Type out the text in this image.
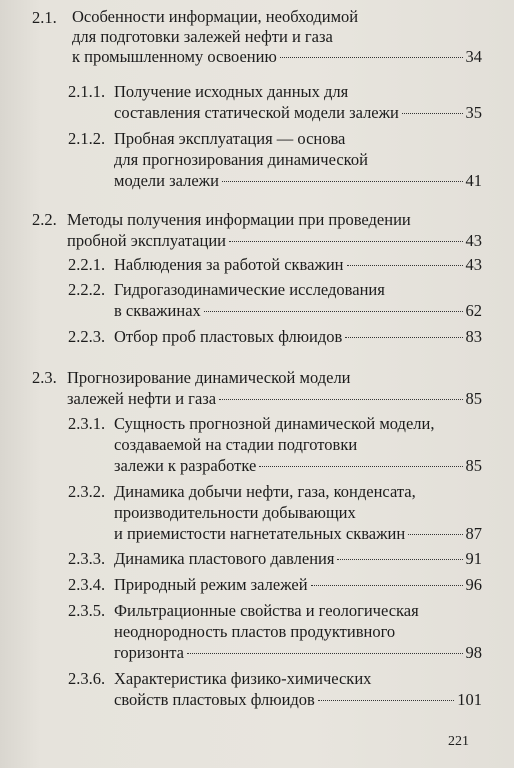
2.1. Особенности информации, необходимой
для подготовки залежей нефти и газа
к промышленному освоению	34
2.1.1. Получение исходных данных для
составления статической модели залежи	35
2.1.2. Пробная эксплуатация — основа
для прогнозирования динамической
модели залежи	41
2.2. Методы получения информации при проведении
пробной эксплуатации	43
2.2.1. Наблюдения за работой скважин	43
2.2.2. Гидрогазодинамические исследования
в скважинах	62
2.2.3. Отбор проб пластовых флюидов	83
2.3. Прогнозирование динамической модели
залежей нефти и газа	85
2.3.1. Сущность прогнозной динамической модели,
создаваемой на стадии подготовки
залежи к разработке	85
2.3.2. Динамика добычи нефти, газа, конденсата,
производительности добывающих
и приемистости нагнетательных скважин	87
2.3.3. Динамика пластового давления	91
2.3.4. Природный режим залежей	96
2.3.5. Фильтрационные свойства и геологическая
неоднородность пластов продуктивного
горизонта	98
2.3.6. Характеристика физико-химических
свойств пластовых флюидов	101
221
